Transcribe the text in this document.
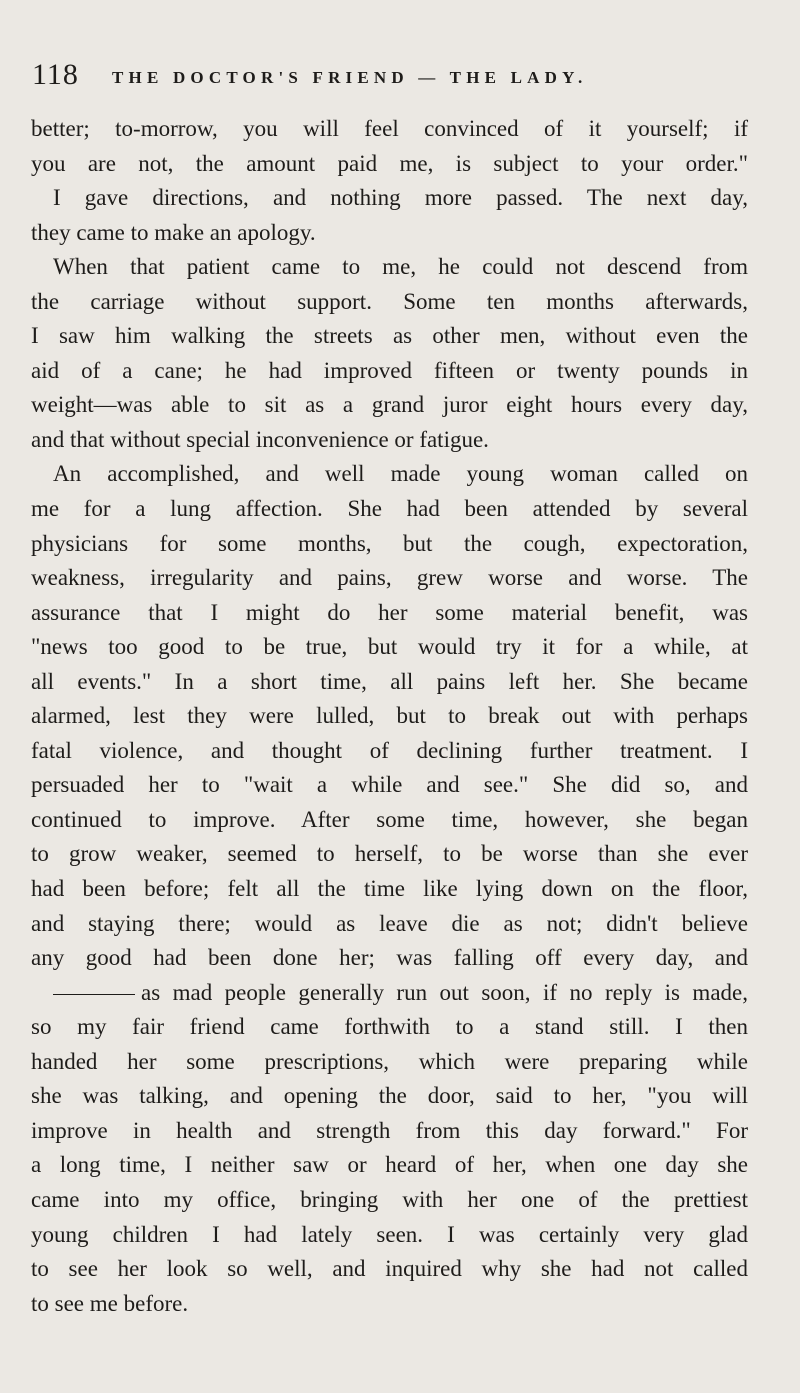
118 THE DOCTOR'S FRIEND — THE LADY.
better; to-morrow, you will feel convinced of it yourself; if
you are not, the amount paid me, is subject to your order."
I gave directions, and nothing more passed. The next day,
they came to make an apology.
When that patient came to me, he could not descend from
the carriage without support. Some ten months afterwards,
I saw him walking the streets as other men, without even the
aid of a cane; he had improved fifteen or twenty pounds in
weight—was able to sit as a grand juror eight hours every day,
and that without special inconvenience or fatigue.
An accomplished, and well made young woman called on
me for a lung affection. She had been attended by several
physicians for some months, but the cough, expectoration,
weakness, irregularity and pains, grew worse and worse. The
assurance that I might do her some material benefit, was
"news too good to be true, but would try it for a while, at
all events." In a short time, all pains left her. She became
alarmed, lest they were lulled, but to break out with perhaps
fatal violence, and thought of declining further treatment. I
persuaded her to "wait a while and see." She did so, and
continued to improve. After some time, however, she began
to grow weaker, seemed to herself, to be worse than she ever
had been before; felt all the time like lying down on the floor,
and staying there; would as leave die as not; didn't believe
any good had been done her; was falling off every day, and
as mad people generally run out soon, if no reply is made,
so my fair friend came forthwith to a stand still. I then
handed her some prescriptions, which were preparing while
she was talking, and opening the door, said to her, "you will
improve in health and strength from this day forward." For
a long time, I neither saw or heard of her, when one day she
came into my office, bringing with her one of the prettiest
young children I had lately seen. I was certainly very glad
to see her look so well, and inquired why she had not called
to see me before.
